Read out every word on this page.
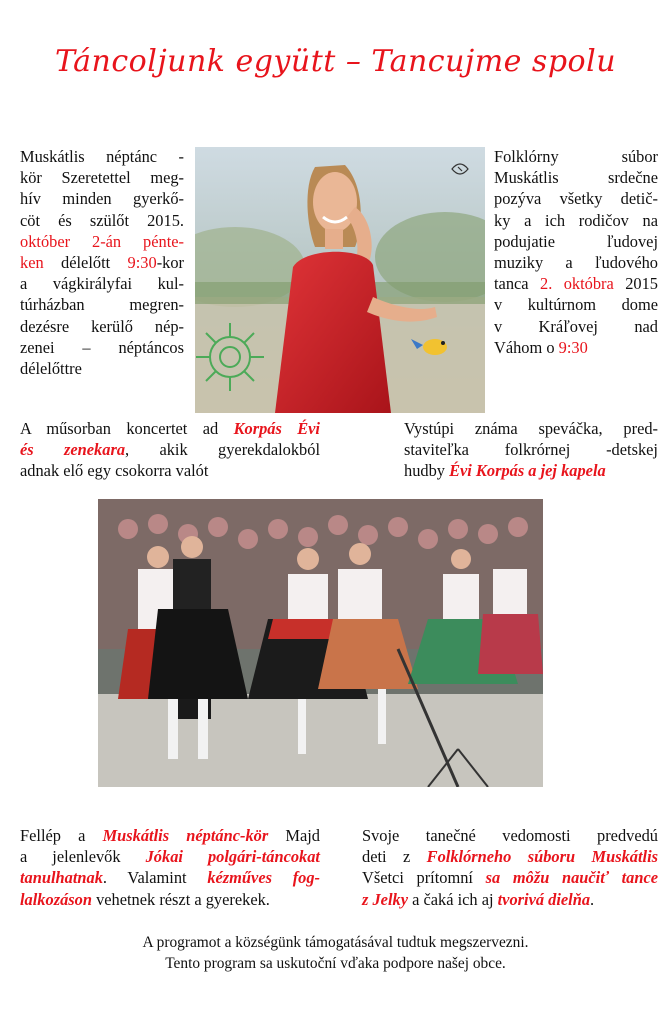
Táncoljunk együtt – Tancujme spolu
Muskátlis néptánc -
kör Szeretettel meg-
hív minden gyerkő-
cöt és szülőt 2015.
október 2-án pénte-
ken délelőtt 9:30-kor
a vágkirályfai kul-
túrházban megren-
dezésre kerülő nép-
zenei – néptáncos
délelőttre
Folklórny súbor
Muskátlis srdečne
pozýva všetky detič-
ky a ich rodičov na
podujatie ľudovej
muziky a ľudového
tanca 2. októbra 2015
v kultúrnom dome
v Kráľovej nad
Váhom o 9:30
A műsorban koncertet ad Korpás Évi
és zenekara, akik gyerekdalokból
adnak elő egy csokorra valót
Vystúpi známa speváčka, pred-
staviteľka folkrórnej -detskej
hudby Évi Korpás a jej kapela
Fellép a Muskátlis néptánc-kör Majd
a jelenlevők Jókai polgári-táncokat
tanulhatnak. Valamint kézműves fog-
lalkozáson vehetnek részt a gyerekek.
Svoje tanečné vedomosti predvedú
deti z Folklórneho súboru Muskátlis
Všetci prítomní sa môžu naučiť tance
z Jelky a čaká ich aj tvorivá dielňa.
A programot a községünk támogatásával tudtuk megszervezni.
Tento program sa uskutoční vďaka podpore našej obce.
